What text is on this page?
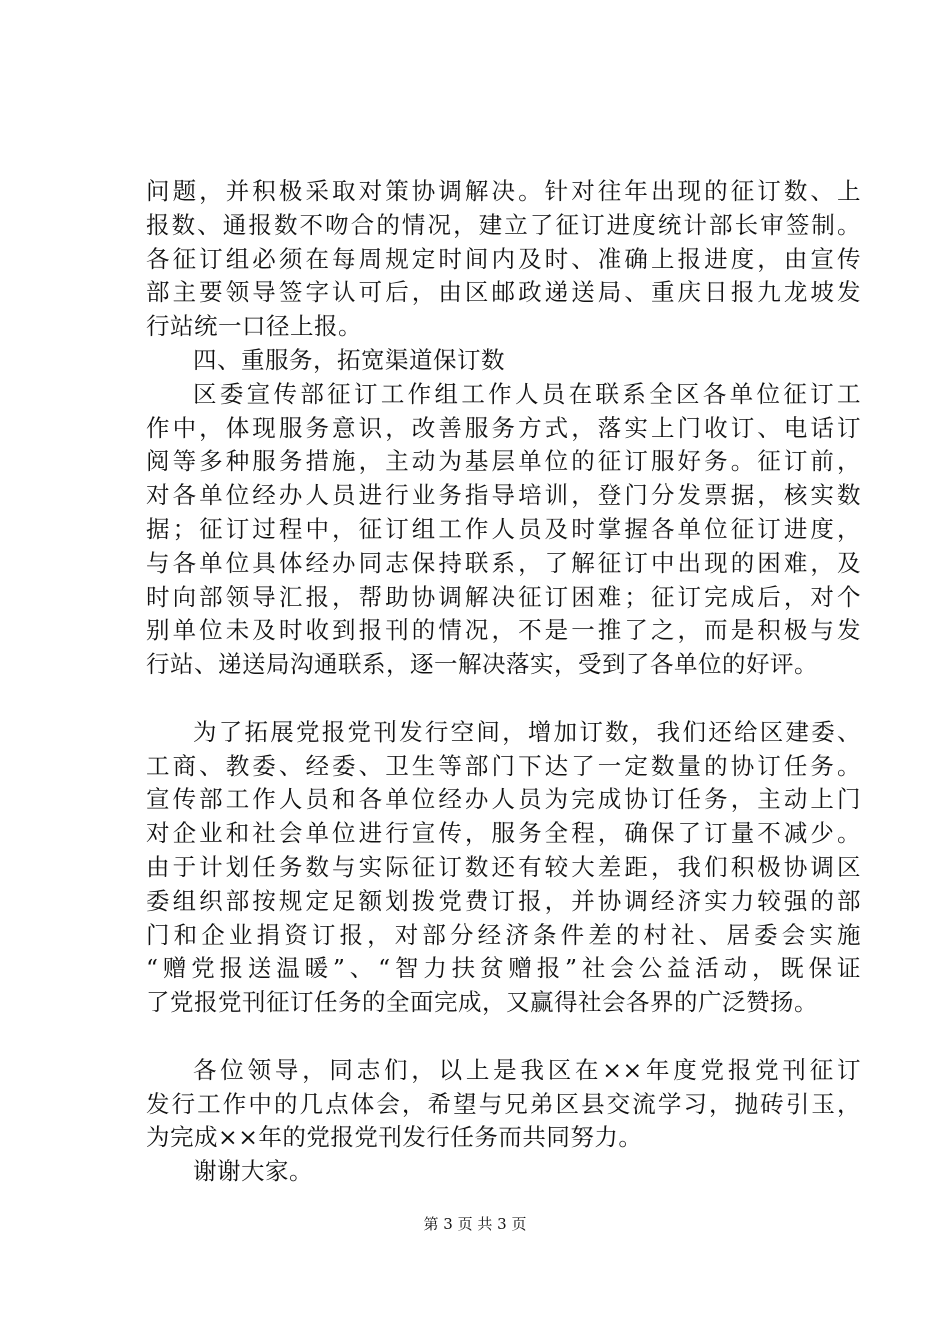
问题，并积极采取对策协调解决。针对往年出现的征订数、上
报数、通报数不吻合的情况，建立了征订进度统计部长审签制。
各征订组必须在每周规定时间内及时、准确上报进度，由宣传
部主要领导签字认可后，由区邮政递送局、重庆日报九龙坡发
行站统一口径上报。
四、重服务，拓宽渠道保订数
区委宣传部征订工作组工作人员在联系全区各单位征订工
作中，体现服务意识，改善服务方式，落实上门收订、电话订
阅等多种服务措施，主动为基层单位的征订服好务。征订前，
对各单位经办人员进行业务指导培训，登门分发票据，核实数
据；征订过程中，征订组工作人员及时掌握各单位征订进度，
与各单位具体经办同志保持联系，了解征订中出现的困难，及
时向部领导汇报，帮助协调解决征订困难；征订完成后，对个
别单位未及时收到报刊的情况，不是一推了之，而是积极与发
行站、递送局沟通联系，逐一解决落实，受到了各单位的好评。
为了拓展党报党刊发行空间，增加订数，我们还给区建委、
工商、教委、经委、卫生等部门下达了一定数量的协订任务。
宣传部工作人员和各单位经办人员为完成协订任务，主动上门
对企业和社会单位进行宣传，服务全程，确保了订量不减少。
由于计划任务数与实际征订数还有较大差距，我们积极协调区
委组织部按规定足额划拨党费订报，并协调经济实力较强的部
门和企业捐资订报，对部分经济条件差的村社、居委会实施
“赠党报送温暖”、“智力扶贫赠报”社会公益活动，既保证
了党报党刊征订任务的全面完成，又赢得社会各界的广泛赞扬。
各位领导，同志们，以上是我区在××年度党报党刊征订
发行工作中的几点体会，希望与兄弟区县交流学习，抛砖引玉，
为完成××年的党报党刊发行任务而共同努力。
谢谢大家。
第 3 页 共 3 页
